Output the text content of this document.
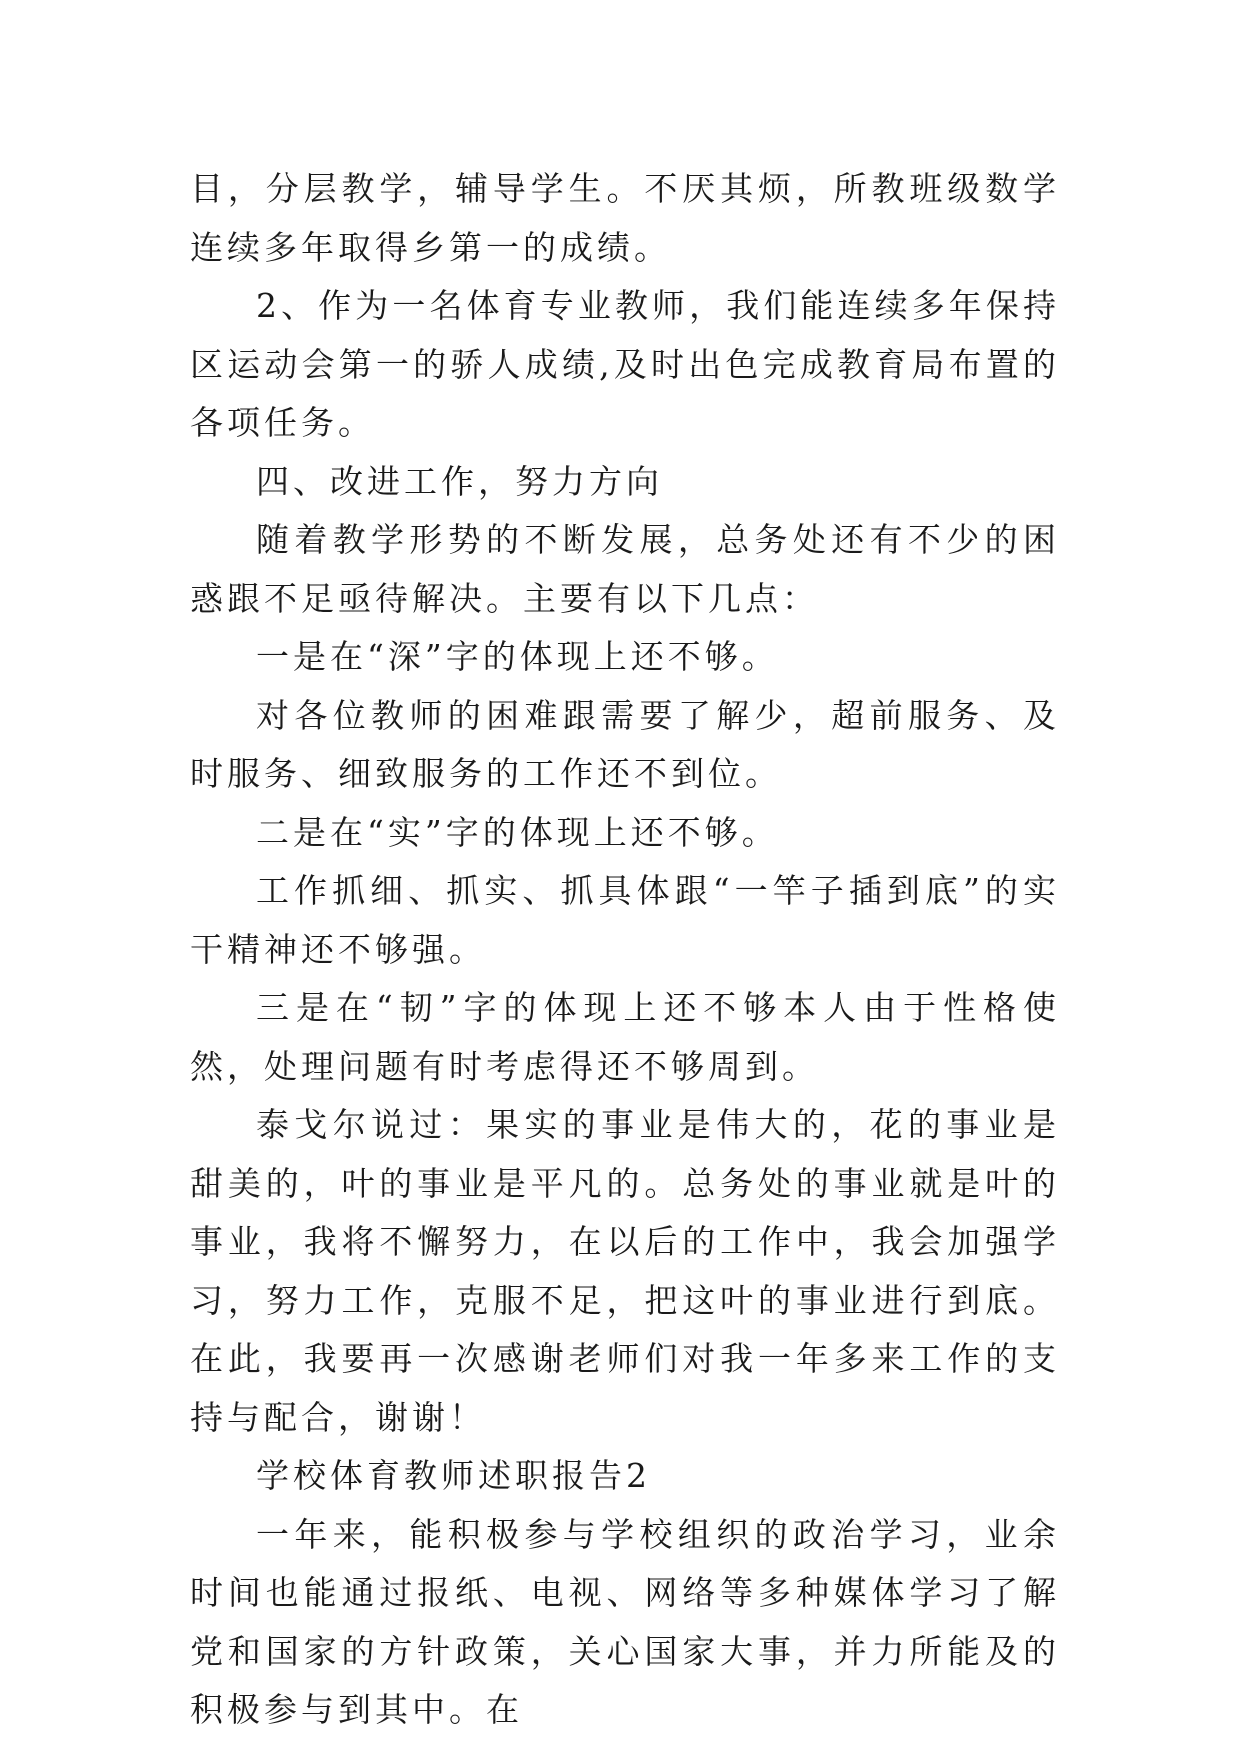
目，分层教学，辅导学生。不厌其烦，所教班级数学连续多年取得乡第一的成绩。

2、作为一名体育专业教师，我们能连续多年保持区运动会第一的骄人成绩,及时出色完成教育局布置的各项任务。

四、改进工作，努力方向

随着教学形势的不断发展，总务处还有不少的困惑跟不足亟待解决。主要有以下几点：

一是在“深”字的体现上还不够。

对各位教师的困难跟需要了解少，超前服务、及时服务、细致服务的工作还不到位。

二是在“实”字的体现上还不够。

工作抓细、抓实、抓具体跟“一竿子插到底”的实干精神还不够强。

三是在“韧”字的体现上还不够本人由于性格使然，处理问题有时考虑得还不够周到。

泰戈尔说过：果实的事业是伟大的，花的事业是甜美的，叶的事业是平凡的。总务处的事业就是叶的事业，我将不懈努力，在以后的工作中，我会加强学习，努力工作，克服不足，把这叶的事业进行到底。在此，我要再一次感谢老师们对我一年多来工作的支持与配合，谢谢！

学校体育教师述职报告2

一年来，能积极参与学校组织的政治学习，业余时间也能通过报纸、电视、网络等多种媒体学习了解党和国家的方针政策，关心国家大事，并力所能及的积极参与到其中。在
